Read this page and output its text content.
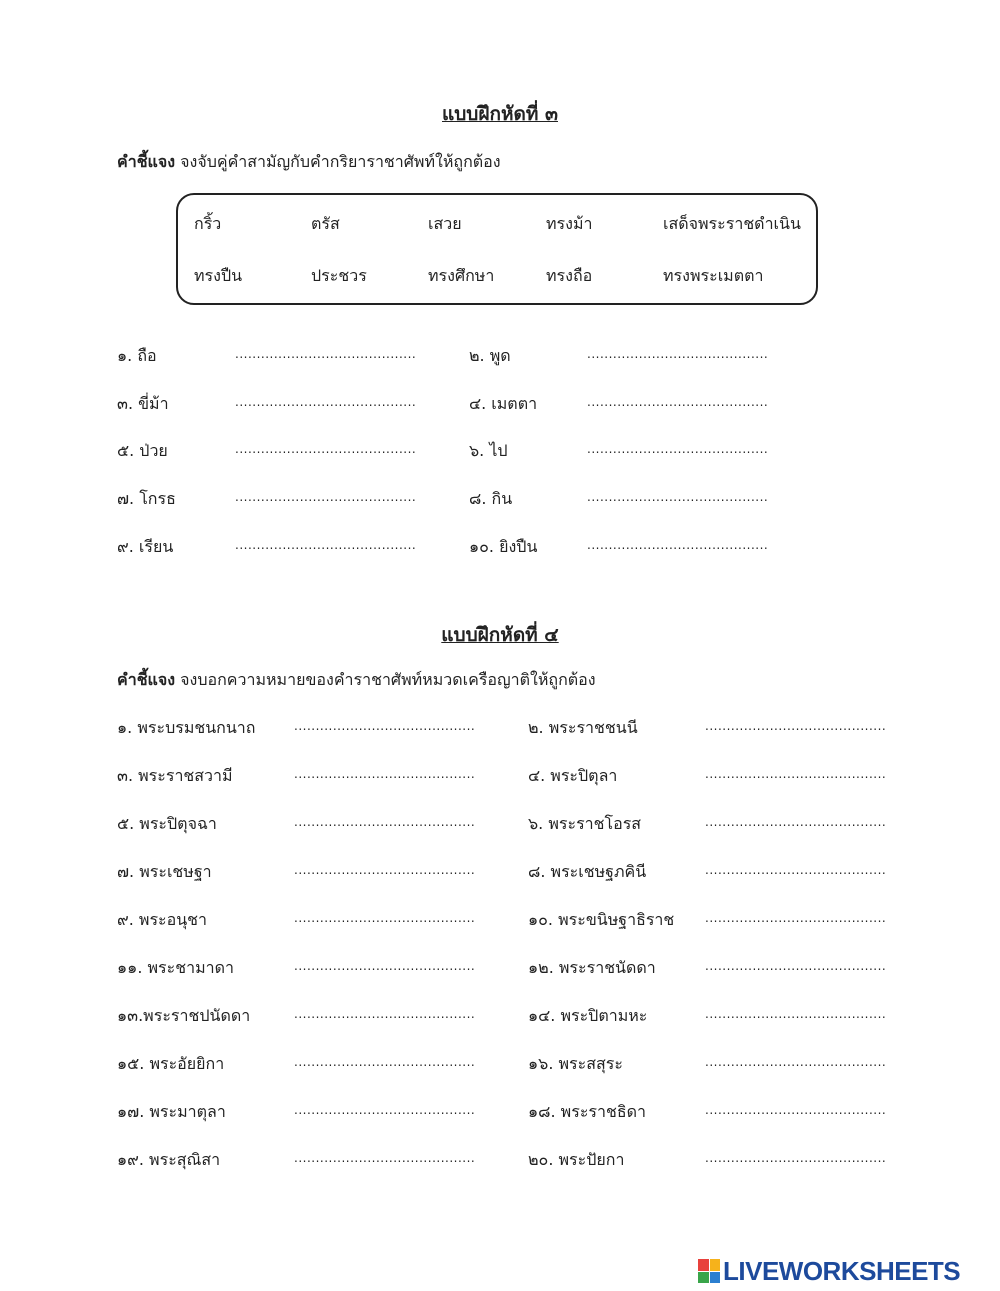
แบบฝึกหัดที่ ๓
คำชี้แจง จงจับคู่คำสามัญกับคำกริยาราชาศัพท์ให้ถูกต้อง
กริ้ว	ตรัส	เสวย	ทรงม้า	เสด็จพระราชดำเนิน
ทรงปืน	ประชวร	ทรงศึกษา	ทรงถือ	ทรงพระเมตตา
๑. ถือ	..........................................	๒. พูด	..........................................
๓. ขี่ม้า	..........................................	๔. เมตตา	..........................................
๕. ป่วย	..........................................	๖. ไป	..........................................
๗. โกรธ	..........................................	๘. กิน	..........................................
๙. เรียน	..........................................	๑๐. ยิงปืน	..........................................
แบบฝึกหัดที่ ๔
คำชี้แจง จงบอกความหมายของคำราชาศัพท์หมวดเครือญาติให้ถูกต้อง
๑. พระบรมชนกนาถ	..........................................	๒. พระราชชนนี	..........................................
๓. พระราชสวามี	..........................................	๔. พระปิตุลา	..........................................
๕. พระปิตุจฉา	..........................................	๖. พระราชโอรส	..........................................
๗. พระเชษฐา	..........................................	๘. พระเชษฐภคินี	..........................................
๙. พระอนุชา	..........................................	๑๐. พระขนิษฐาธิราช	..........................................
๑๑. พระชามาดา	..........................................	๑๒. พระราชนัดดา	..........................................
๑๓.พระราชปนัดดา	..........................................	๑๔. พระปิตามหะ	..........................................
๑๕. พระอัยยิกา	..........................................	๑๖. พระสสุระ	..........................................
๑๗. พระมาตุลา	..........................................	๑๘. พระราชธิดา	..........................................
๑๙. พระสุณิสา	..........................................	๒๐. พระปัยกา	..........................................
LIVEWORKSHEETS
